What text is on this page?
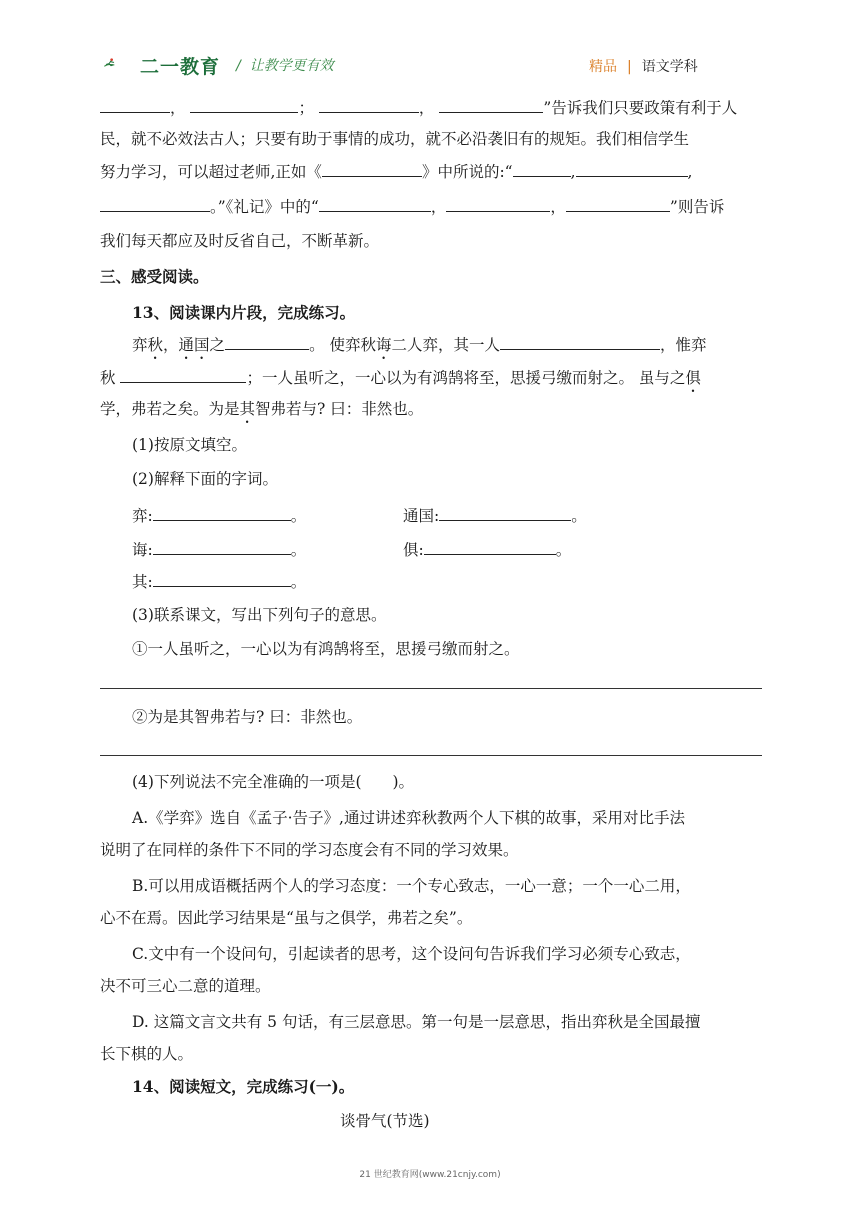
二一教育 /  让教学更有效	精品 | 语文学科
，	；	，	”告诉我们只要政策有利于人
民，就不必效法古人；只要有助于事情的成功，就不必沿袭旧有的规矩。我们相信学生
努力学习，可以超过老师,正如《	》中所说的:“	,	,
。”《礼记》中的“	，	，	”则告诉
我们每天都应及时反省自己，不断革新。
三、感受阅读。
13、阅读课内片段，完成练习。
弈秋，通国之	。 使弈秋诲二人弈，其一人	，惟弈
秋	；一人虽听之，一心以为有鸿鹄将至，思援弓缴而射之。 虽与之俱
学，弗若之矣。为是其智弗若与? 曰：非然也。
(1)按原文填空。
(2)解释下面的字词。
弈:	。	通国:	。
诲:	。	俱:	。
其:	。
(3)联系课文，写出下列句子的意思。
①一人虽听之，一心以为有鸿鹄将至，思援弓缴而射之。
②为是其智弗若与? 曰：非然也。
(4)下列说法不完全准确的一项是(　　)。
A.《学弈》选自《孟子·告子》,通过讲述弈秋教两个人下棋的故事，采用对比手法
说明了在同样的条件下不同的学习态度会有不同的学习效果。
B.可以用成语概括两个人的学习态度：一个专心致志，一心一意；一个一心二用，
心不在焉。因此学习结果是“虽与之俱学，弗若之矣”。
C.文中有一个设问句，引起读者的思考，这个设问句告诉我们学习必须专心致志，
决不可三心二意的道理。
D. 这篇文言文共有 5 句话，有三层意思。第一句是一层意思，指出弈秋是全国最擅
长下棋的人。
14、阅读短文，完成练习(一)。
谈骨气(节选)
21 世纪教育网(www.21cnjy.com)
